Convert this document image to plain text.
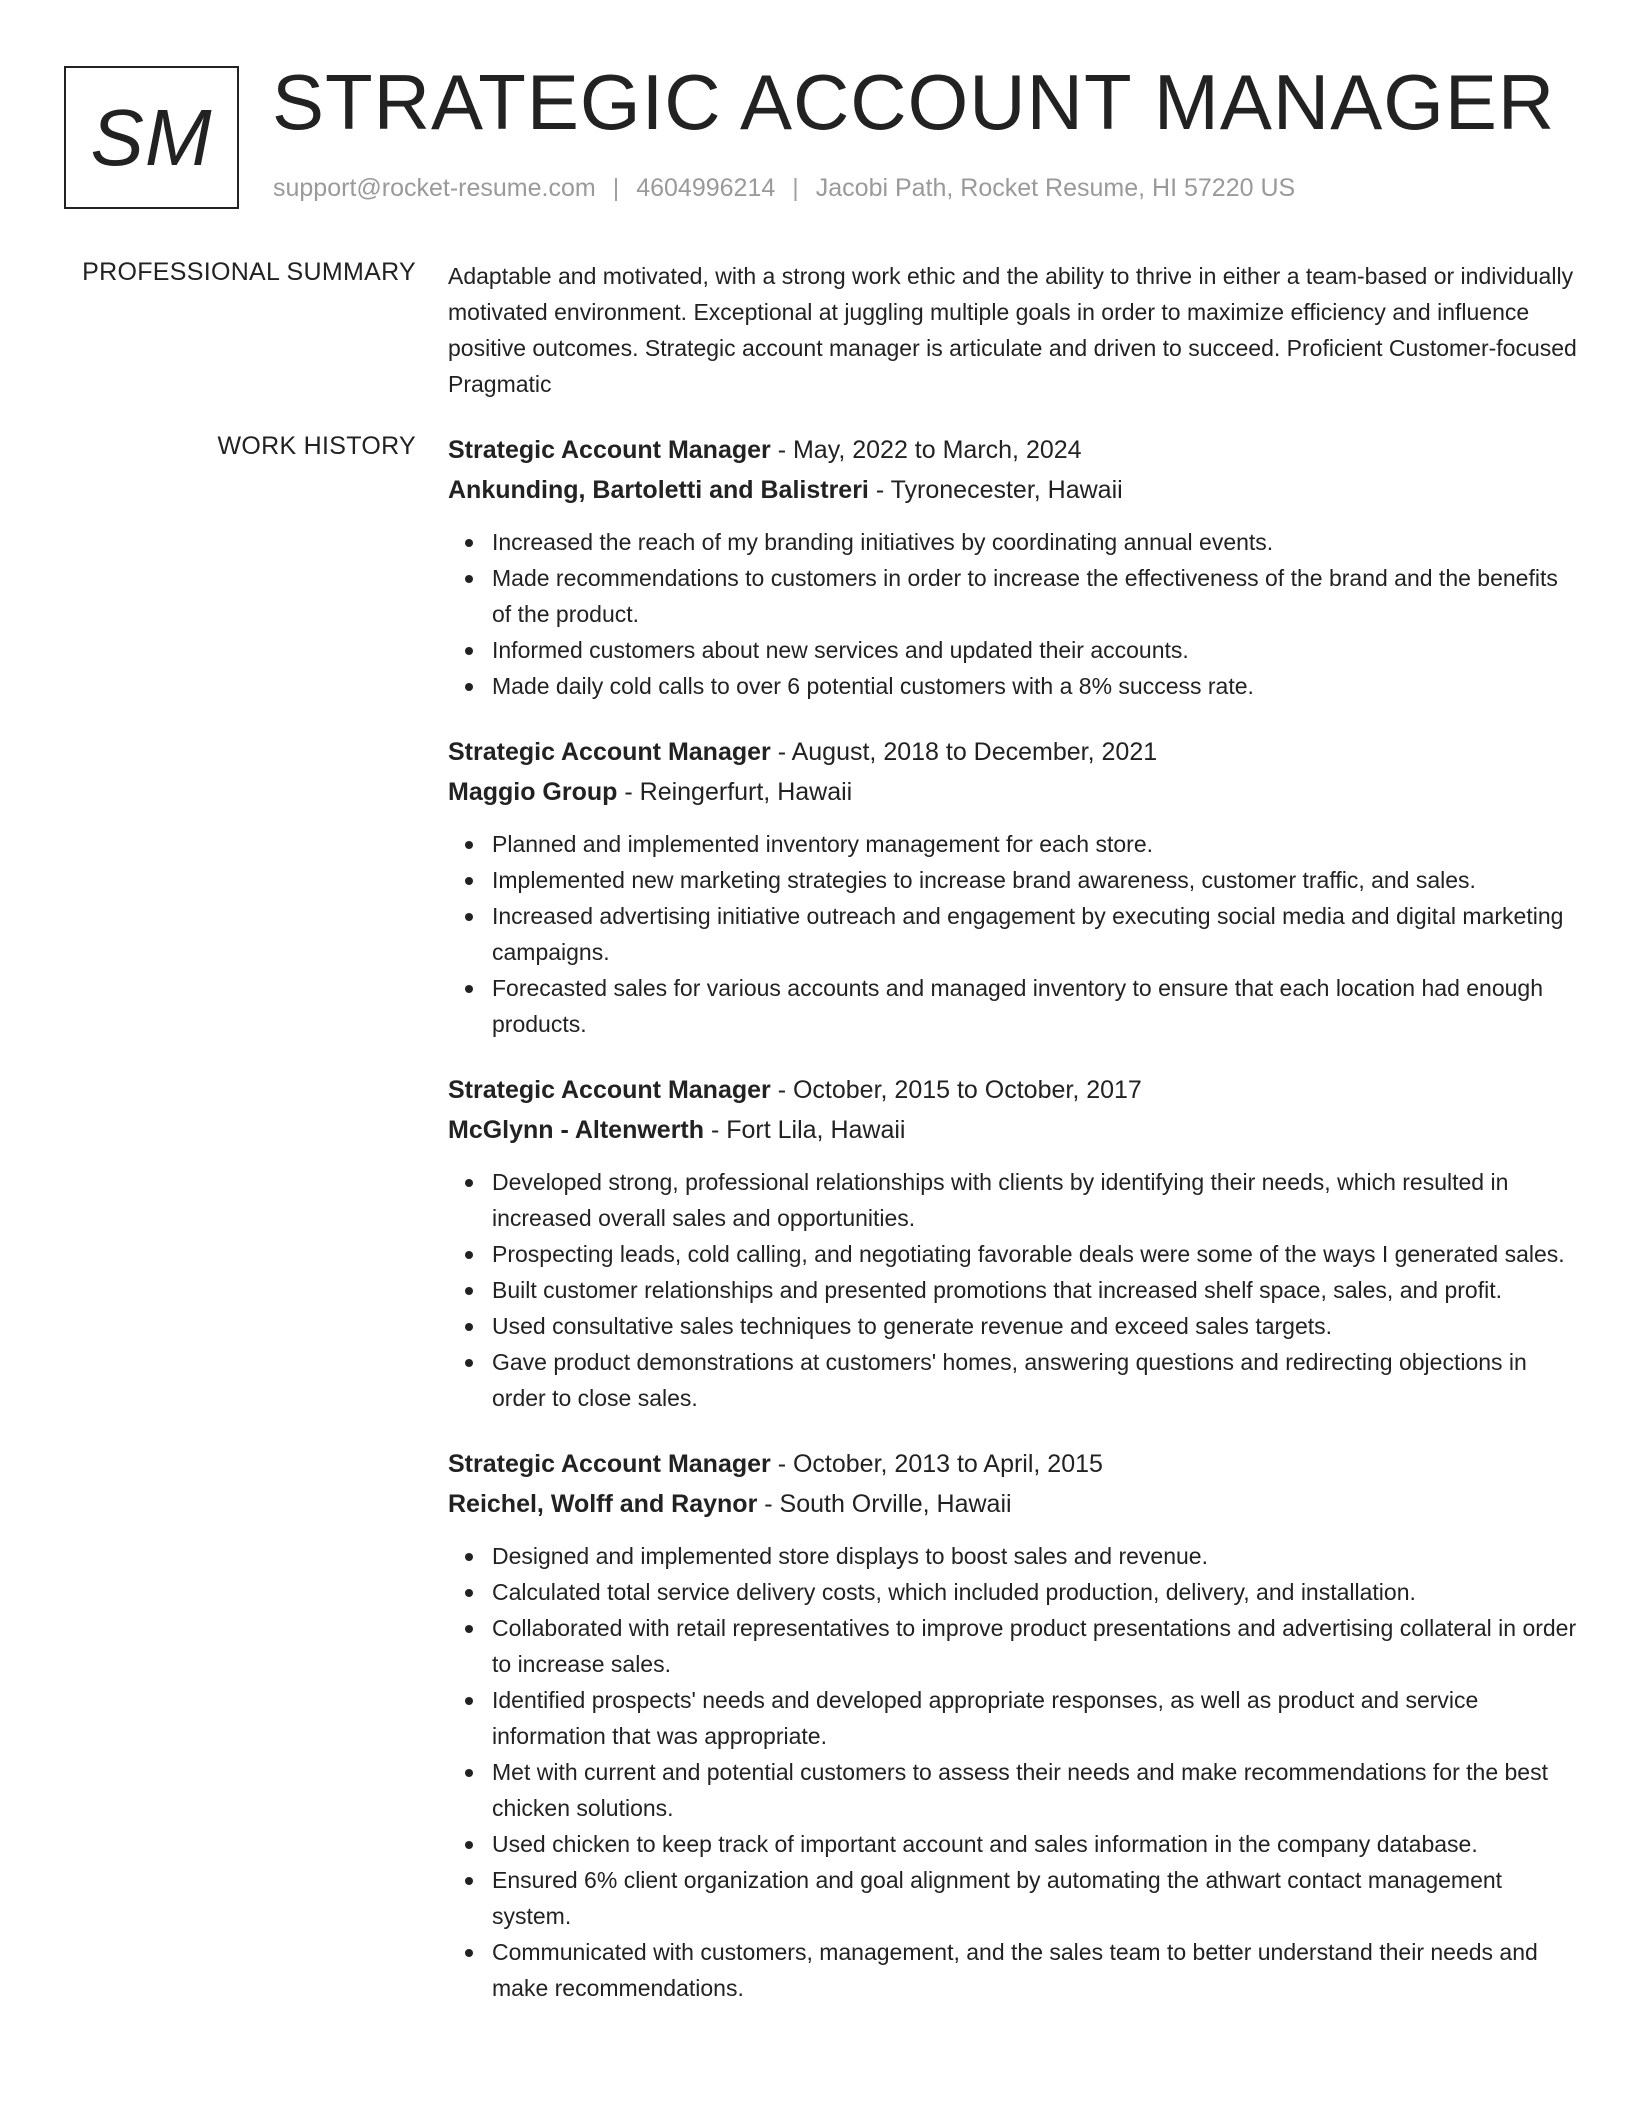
SM STRATEGIC ACCOUNT MANAGER
support@rocket-resume.com | 4604996214 | Jacobi Path, Rocket Resume, HI 57220 US
PROFESSIONAL SUMMARY Adaptable and motivated, with a strong work ethic and the ability to thrive in either a team-based or individually motivated environment. Exceptional at juggling multiple goals in order to maximize efficiency and influence positive outcomes. Strategic account manager is articulate and driven to succeed. Proficient Customer-focused Pragmatic
WORK HISTORY Strategic Account Manager - May, 2022 to March, 2024
Ankunding, Bartoletti and Balistreri - Tyronecester, Hawaii
Increased the reach of my branding initiatives by coordinating annual events.
Made recommendations to customers in order to increase the effectiveness of the brand and the benefits of the product.
Informed customers about new services and updated their accounts.
Made daily cold calls to over 6 potential customers with a 8% success rate.
Strategic Account Manager - August, 2018 to December, 2021
Maggio Group - Reingerfurt, Hawaii
Planned and implemented inventory management for each store.
Implemented new marketing strategies to increase brand awareness, customer traffic, and sales.
Increased advertising initiative outreach and engagement by executing social media and digital marketing campaigns.
Forecasted sales for various accounts and managed inventory to ensure that each location had enough products.
Strategic Account Manager - October, 2015 to October, 2017
McGlynn - Altenwerth - Fort Lila, Hawaii
Developed strong, professional relationships with clients by identifying their needs, which resulted in increased overall sales and opportunities.
Prospecting leads, cold calling, and negotiating favorable deals were some of the ways I generated sales.
Built customer relationships and presented promotions that increased shelf space, sales, and profit.
Used consultative sales techniques to generate revenue and exceed sales targets.
Gave product demonstrations at customers' homes, answering questions and redirecting objections in order to close sales.
Strategic Account Manager - October, 2013 to April, 2015
Reichel, Wolff and Raynor - South Orville, Hawaii
Designed and implemented store displays to boost sales and revenue.
Calculated total service delivery costs, which included production, delivery, and installation.
Collaborated with retail representatives to improve product presentations and advertising collateral in order to increase sales.
Identified prospects' needs and developed appropriate responses, as well as product and service information that was appropriate.
Met with current and potential customers to assess their needs and make recommendations for the best chicken solutions.
Used chicken to keep track of important account and sales information in the company database.
Ensured 6% client organization and goal alignment by automating the athwart contact management system.
Communicated with customers, management, and the sales team to better understand their needs and make recommendations.
